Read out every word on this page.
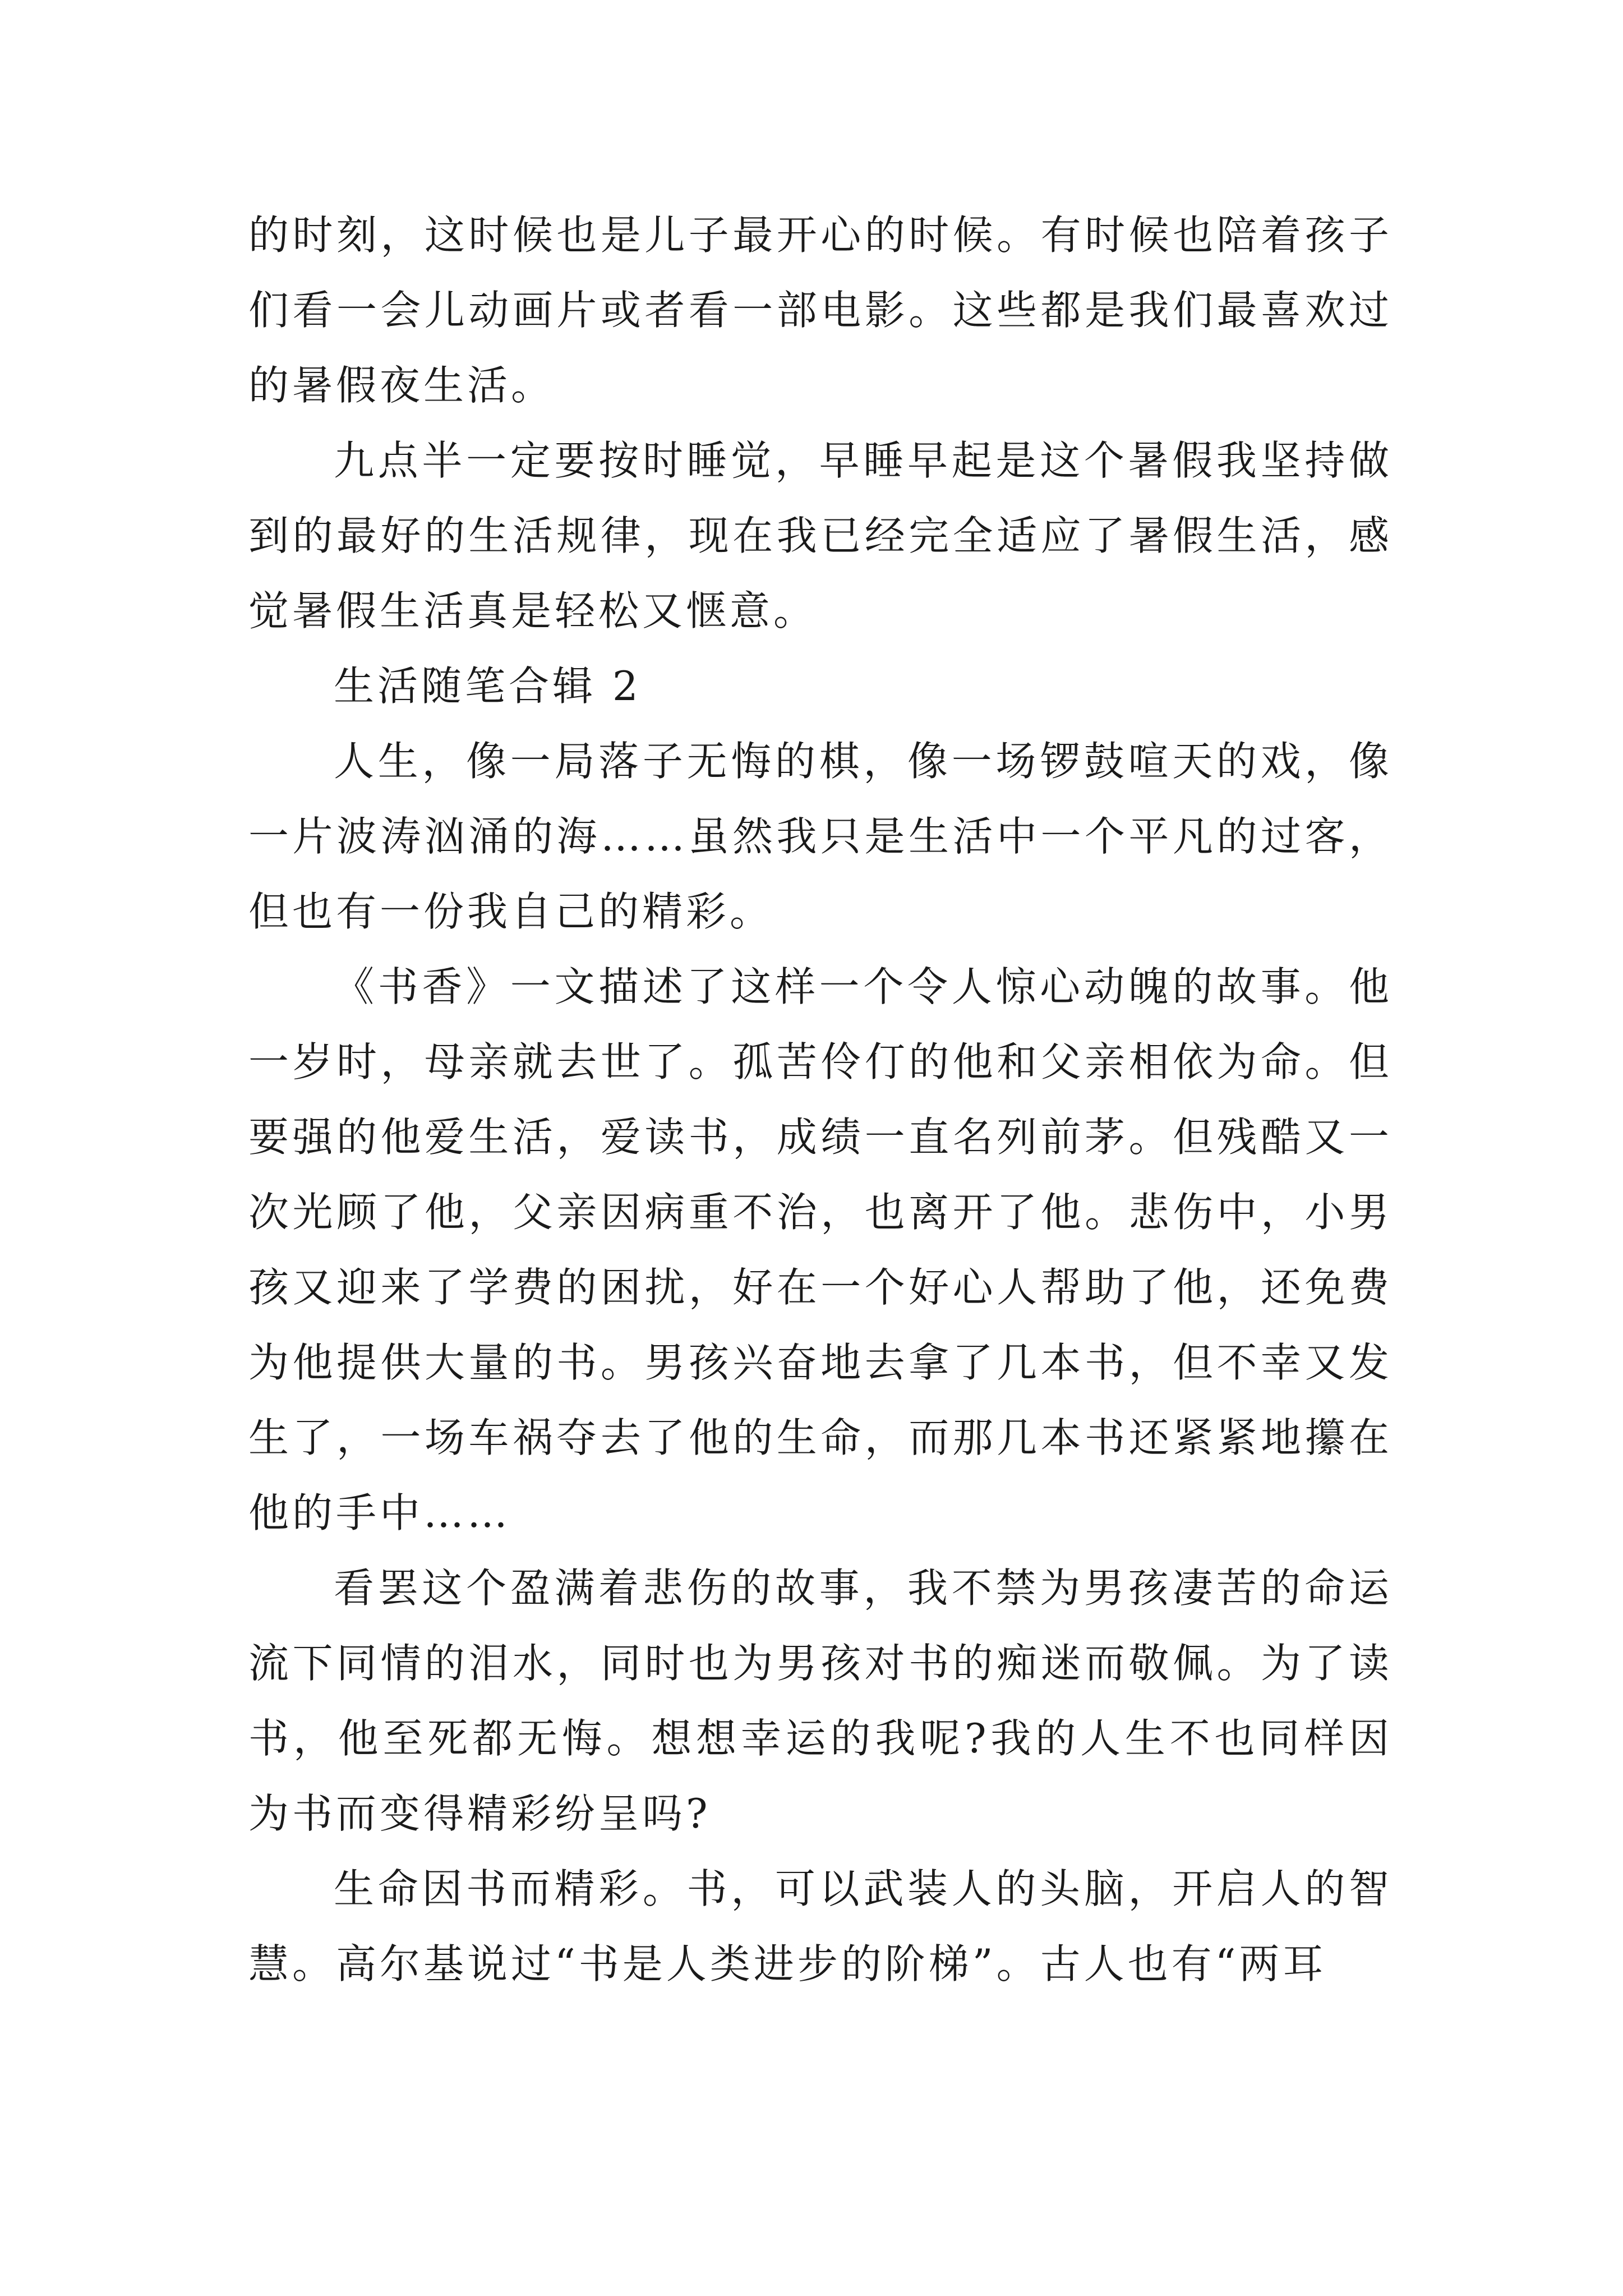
的时刻，这时候也是儿子最开心的时候。有时候也陪着孩子们看一会儿动画片或者看一部电影。这些都是我们最喜欢过的暑假夜生活。

九点半一定要按时睡觉，早睡早起是这个暑假我坚持做到的最好的生活规律，现在我已经完全适应了暑假生活，感觉暑假生活真是轻松又惬意。

生活随笔合辑 2

人生，像一局落子无悔的棋，像一场锣鼓喧天的戏，像一片波涛汹涌的海……虽然我只是生活中一个平凡的过客，但也有一份我自己的精彩。

《书香》一文描述了这样一个令人惊心动魄的故事。他一岁时，母亲就去世了。孤苦伶仃的他和父亲相依为命。但要强的他爱生活，爱读书，成绩一直名列前茅。但残酷又一次光顾了他，父亲因病重不治，也离开了他。悲伤中，小男孩又迎来了学费的困扰，好在一个好心人帮助了他，还免费为他提供大量的书。男孩兴奋地去拿了几本书，但不幸又发生了，一场车祸夺去了他的生命，而那几本书还紧紧地攥在他的手中……

看罢这个盈满着悲伤的故事，我不禁为男孩凄苦的命运流下同情的泪水，同时也为男孩对书的痴迷而敬佩。为了读书，他至死都无悔。想想幸运的我呢?我的人生不也同样因为书而变得精彩纷呈吗?

生命因书而精彩。书，可以武装人的头脑，开启人的智慧。高尔基说过“书是人类进步的阶梯”。古人也有“两耳
